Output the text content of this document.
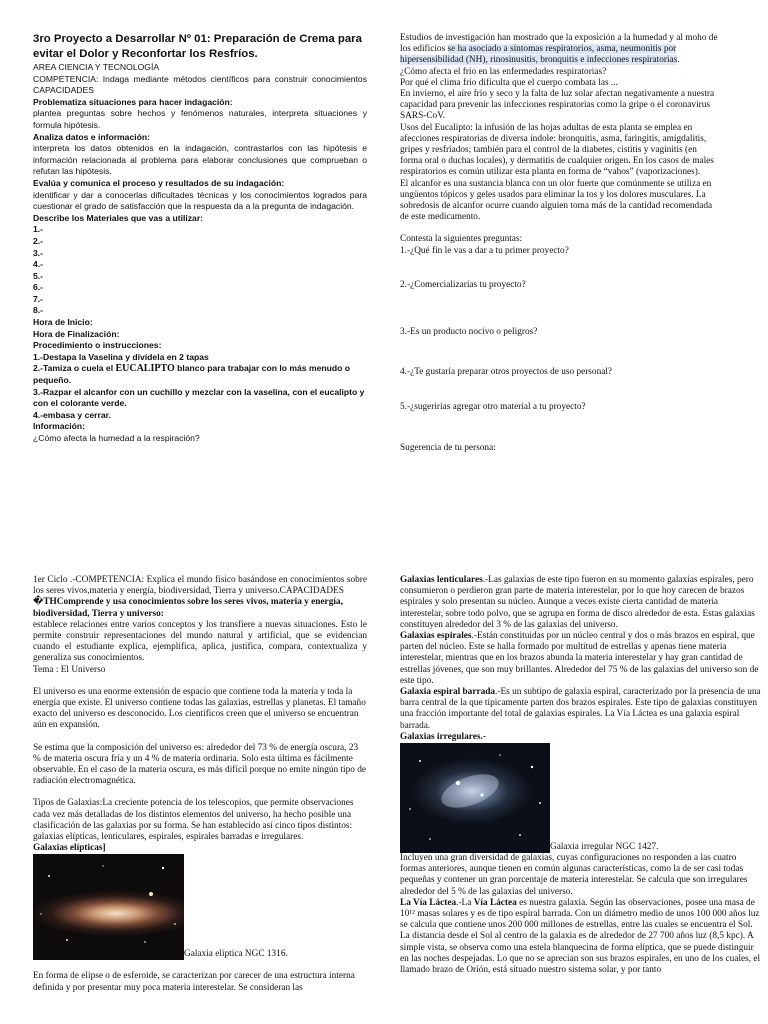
3ro Proyecto a Desarrollar Nº 01: Preparación de Crema para evitar el Dolor y Reconfortar los Resfríos.
AREA CIENCIA Y TECNOLOGÍA
COMPETENCIA: Indaga mediante métodos científicos para construir conocimientos CAPACIDADES
Problematiza situaciones para hacer indagación:
plantea preguntas sobre hechos y fenómenos naturales, interpreta situaciones y formula hipótesis.
Analiza datos e información:
interpreta los datos obtenidos en la indagación, contrastarlos con las hipótesis e información relacionada al problema para elaborar conclusiones que comprueban o refutan las hipótesis.
Evalúa y comunica el proceso y resultados de su indagación:
identificar y dar a conocerlas dificultades técnicas y los conocimientos logrados para cuestionar el grado de satisfacción que la respuesta da a la pregunta de indagación.
Describe los Materiales que vas a utilizar:
1.-
2.-
3.-
4.-
5.-
6.-
7.-
8.-
Hora de Inicio:
Hora de Finalización:
Procedimiento o instrucciones:
1.-Destapa la Vaselina y divídela en 2 tapas
2.-Tamiza o cuela el EUCALIPTO blanco para trabajar con lo más menudo o pequeño.
3.-Razpar el alcanfor con un cuchillo y mezclar con la vaselina, con el eucalipto y con el colorante verde.
4.-embasa y cerrar.
Información:
¿Cómo afecta la humedad a la respiración?
Estudios de investigación han mostrado que la exposición a la humedad y al moho de los edificios se ha asociado a síntomas respiratorios, asma, neumonitis por hipersensibilidad (NH), rinosinusitis, bronquitis e infecciones respiratorias.
¿Cómo afecta el frío en las enfermedades respiratorias?
Por qué el clima frío dificulta que el cuerpo combata las ...
En invierno, el aire frío y seco y la falta de luz solar afectan negativamente a nuestra capacidad para prevenir las infecciones respiratorias como la gripe o el coronavirus SARS-CoV.
Usos del Eucalipto: la infusión de las hojas adultas de esta planta se emplea en afecciones respiratorias de diversa índole: bronquitis, asma, faringitis, amigdalitis, gripes y resfriados; también para el control de la diabetes, cistitis y vaginitis (en forma oral o duchas locales), y dermatitis de cualquier origen. En los casos de males respiratorios es común utilizar esta planta en forma de “vahos” (vaporizaciones).
El alcanfor es una sustancia blanca con un olor fuerte que comúnmente se utiliza en ungüentos tópicos y geles usados para eliminar la tos y los dolores musculares. La sobredosis de alcanfor ocurre cuando alguien toma más de la cantidad recomendada de este medicamento.
Contesta la siguientes preguntas:
1.-¿Qué fin le vas a dar a tu primer proyecto?
2.-¿Comercializarías tu proyecto?
3.-Es un producto nocivo o peligros?
4.-¿Te gustaría preparar otros proyectos de uso personal?
5.-¿sugerirías agregar otro material a tu proyecto?
Sugerencia de tu persona:
1er Ciclo .-COMPETENCIA: Explica el mundo físico basándose en conocimientos sobre los seres vivos,materia y energía, biodiversidad, Tierra y universo.CAPACIDADES
�THComprende y usa conocimientos sobre los seres vivos, materia y energía, biodiversidad, Tierra y universo:
establece relaciones entre varios conceptos y los transfiere a nuevas situaciones. Esto le permite construir representaciones del mundo natural y artificial, que se evidencian cuando el estudiante explica, ejemplifica, aplica, justifica, compara, contextualiza y generaliza sus conocimientos.
Tema : El Universo
El universo es una enorme extensión de espacio que contiene toda la materia y toda la energía que existe. El universo contiene todas las galaxias, estrellas y planetas. El tamaño exacto del universo es desconocido. Los científicos creen que el universo se encuentran aún en expansión.
Se estima que la composición del universo es: alrededor del 73 % de energía oscura, 23 % de materia oscura fría y un 4 % de materia ordinaria. Solo esta última es fácilmente observable. En el caso de la materia oscura, es más difícil porque no emite ningún tipo de radiación electromagnética.
Tipos de Galaxias:La creciente potencia de los telescopios, que permite observaciones cada vez más detalladas de los distintos elementos del universo, ha hecho posible una clasificación de las galaxias por su forma. Se han establecido así cinco tipos distintos: galaxias elípticas, lenticulares, espirales, espirales barradas e irregulares.
Galaxias elípticas]
Galaxia elíptica NGC 1316.
En forma de elipse o de esferoide, se caracterizan por carecer de una estructura interna definida y por presentar muy poca materia interestelar. Se consideran las
Galaxias lenticulares.-Las galaxias de este tipo fueron en su momento galaxias espirales, pero consumieron o perdieron gran parte de materia interestelar, por lo que hoy carecen de brazos espirales y solo presentan su núcleo. Aunque a veces existe cierta cantidad de materia interestelar, sobre todo polvo, que se agrupa en forma de disco alrededor de esta. Estas galaxias constituyen alrededor del 3 % de las galaxias del universo.
Galaxias espirales.-Están constituidas por un núcleo central y dos o más brazos en espiral, que parten del núcleo. Este se halla formado por multitud de estrellas y apenas tiene materia interestelar, mientras que en los brazos abunda la materia interestelar y hay gran cantidad de estrellas jóvenes, que son muy brillantes. Alrededor del 75 % de las galaxias del universo son de este tipo.
Galaxia espiral barrada.-Es un subtipo de galaxia espiral, caracterizado por la presencia de una barra central de la que típicamente parten dos brazos espirales. Este tipo de galaxias constituyen una fracción importante del total de galaxias espirales. La Vía Láctea es una galaxia espiral barrada.
Galaxias irregulares.-
Galaxia irregular NGC 1427.
Incluyen una gran diversidad de galaxias, cuyas configuraciones no responden a las cuatro formas anteriores, aunque tienen en común algunas características, como la de ser casi todas pequeñas y contener un gran porcentaje de materia interestelar. Se calcula que son irregulares alrededor del 5 % de las galaxias del universo.
La Vía Láctea.-La Vía Láctea es nuestra galaxia. Según las observaciones, posee una masa de 10¹² masas solares y es de tipo espiral barrada. Con un diámetro medio de unos 100 000 años luz se calcula que contiene unos 200 000 millones de estrellas, entre las cuales se encuentra el Sol. La distancia desde el Sol al centro de la galaxia es de alrededor de 27 700 años luz (8,5 kpc). A simple vista, se observa como una estela blanquecina de forma elíptica, que se puede distinguir en las noches despejadas. Lo que no se aprecian son sus brazos espirales, en uno de los cuales, el llamado brazo de Orión, está situado nuestro sistema solar, y por tanto
